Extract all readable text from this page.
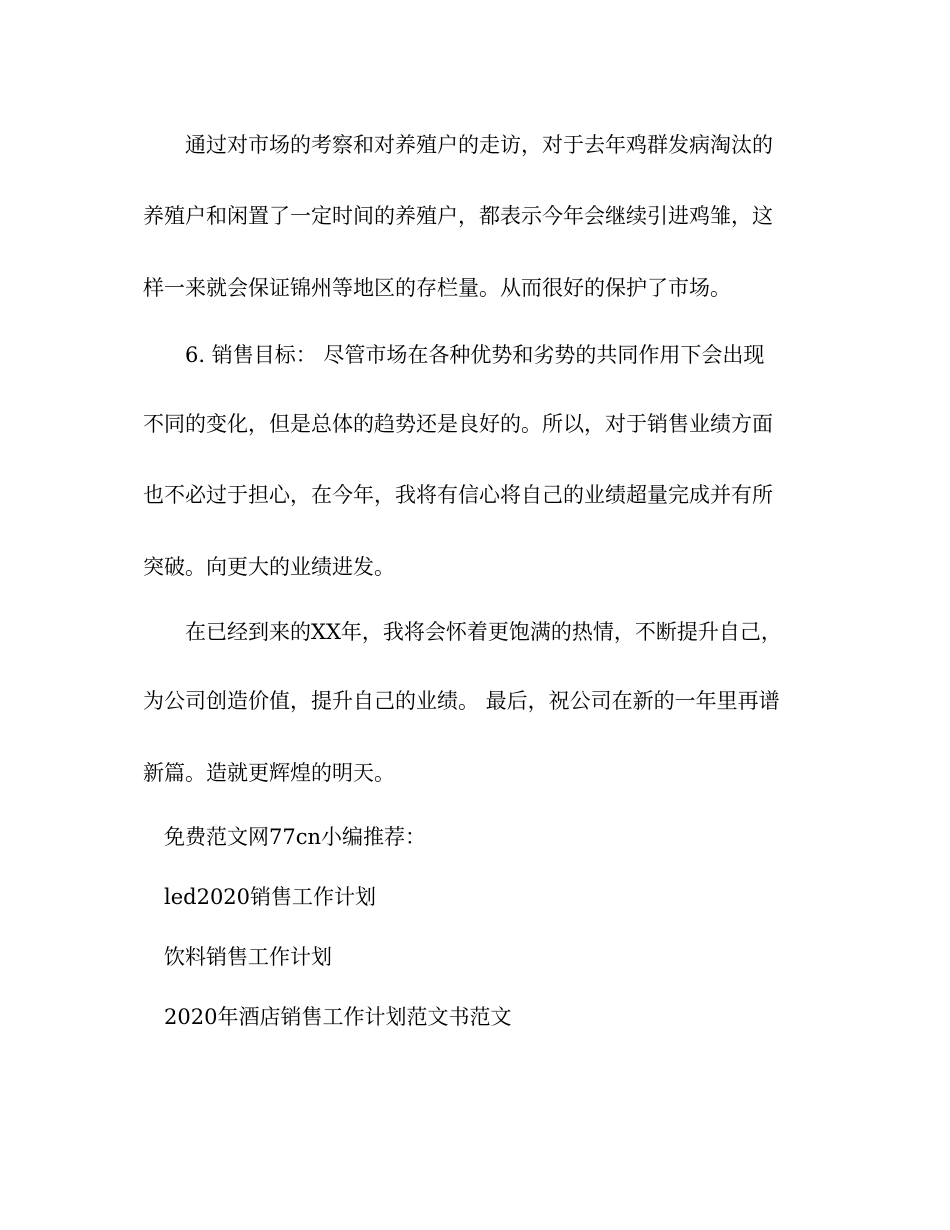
通过对市场的考察和对养殖户的走访，对于去年鸡群发病淘汰的
养殖户和闲置了一定时间的养殖户，都表示今年会继续引进鸡雏，这
样一来就会保证锦州等地区的存栏量。从而很好的保护了市场。
6. 销售目标： 尽管市场在各种优势和劣势的共同作用下会出现
不同的变化，但是总体的趋势还是良好的。所以，对于销售业绩方面
也不必过于担心，在今年，我将有信心将自己的业绩超量完成并有所
突破。向更大的业绩进发。
在已经到来的XX年，我将会怀着更饱满的热情，不断提升自己，
为公司创造价值，提升自己的业绩。 最后，祝公司在新的一年里再谱
新篇。造就更辉煌的明天。
免费范文网77cn小编推荐：
led2020销售工作计划
饮料销售工作计划
2020年酒店销售工作计划范文书范文
